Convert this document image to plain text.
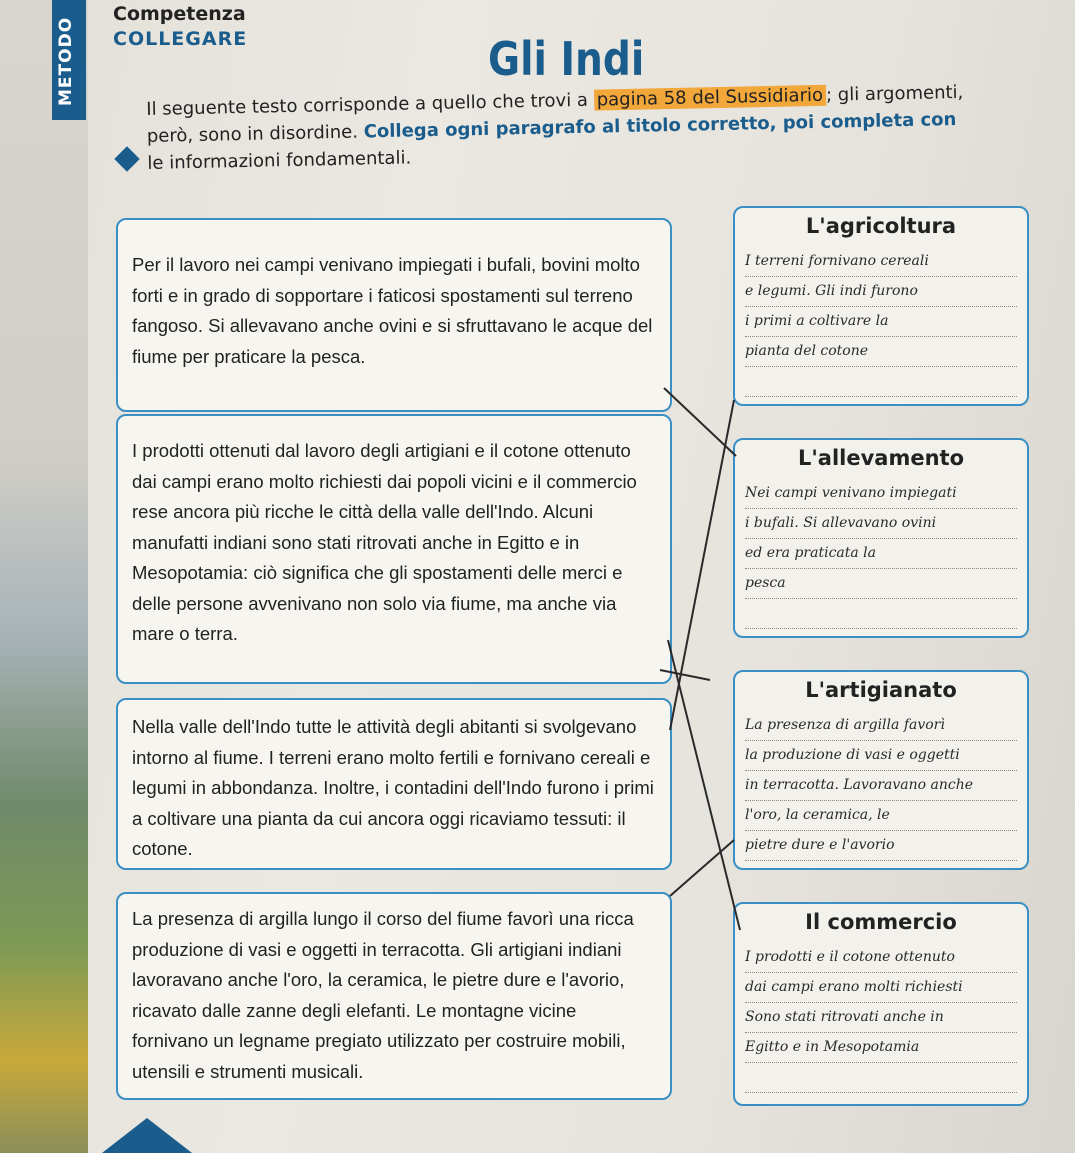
METODO
Competenza
COLLEGARE	Gli Indi
Il seguente testo corrisponde a quello che trovi a pagina 58 del Sussidiario ; gli argomenti,
però, sono in disordine. Collega ogni paragrafo al titolo corretto, poi completa con
le informazioni fondamentali.

Per il lavoro nei campi venivano impiegati i bufali, bovini molto forti e in grado di sopportare i faticosi spostamenti sul terreno fangoso. Si allevavano anche ovini e si sfruttavano le acque del fiume per praticare la pesca.

I prodotti ottenuti dal lavoro degli artigiani e il cotone ottenuto dai campi erano molto richiesti dai popoli vicini e il commercio rese ancora più ricche le città della valle dell'Indo. Alcuni manufatti indiani sono stati ritrovati anche in Egitto e in Mesopotamia: ciò significa che gli spostamenti delle merci e delle persone avvenivano non solo via fiume, ma anche via mare o terra.

Nella valle dell'Indo tutte le attività degli abitanti si svolgevano intorno al fiume. I terreni erano molto fertili e fornivano cereali e legumi in abbondanza. Inoltre, i contadini dell'Indo furono i primi a coltivare una pianta da cui ancora oggi ricaviamo tessuti: il cotone.

La presenza di argilla lungo il corso del fiume favorì una ricca produzione di vasi e oggetti in terracotta. Gli artigiani indiani lavoravano anche l'oro, la ceramica, le pietre dure e l'avorio, ricavato dalle zanne degli elefanti. Le montagne vicine fornivano un legname pregiato utilizzato per costruire mobili, utensili e strumenti musicali.

L'agricoltura
I terreni fornivano cereali
e legumi. Gli indi furono
i primi a coltivare la
pianta del cotone
L'allevamento
Nei campi venivano impiegati
i bufali. Si allevavano ovini
ed era praticata la
pesca
L'artigianato
La presenza di argilla favorì
la produzione di vasi e oggetti
in terracotta. Lavoravano anche
l'oro, la ceramica, le
pietre dure e l'avorio
Il commercio
I prodotti e il cotone ottenuto
dai campi erano molti richiesti
Sono stati ritrovati anche in
Egitto e in Mesopotamia
